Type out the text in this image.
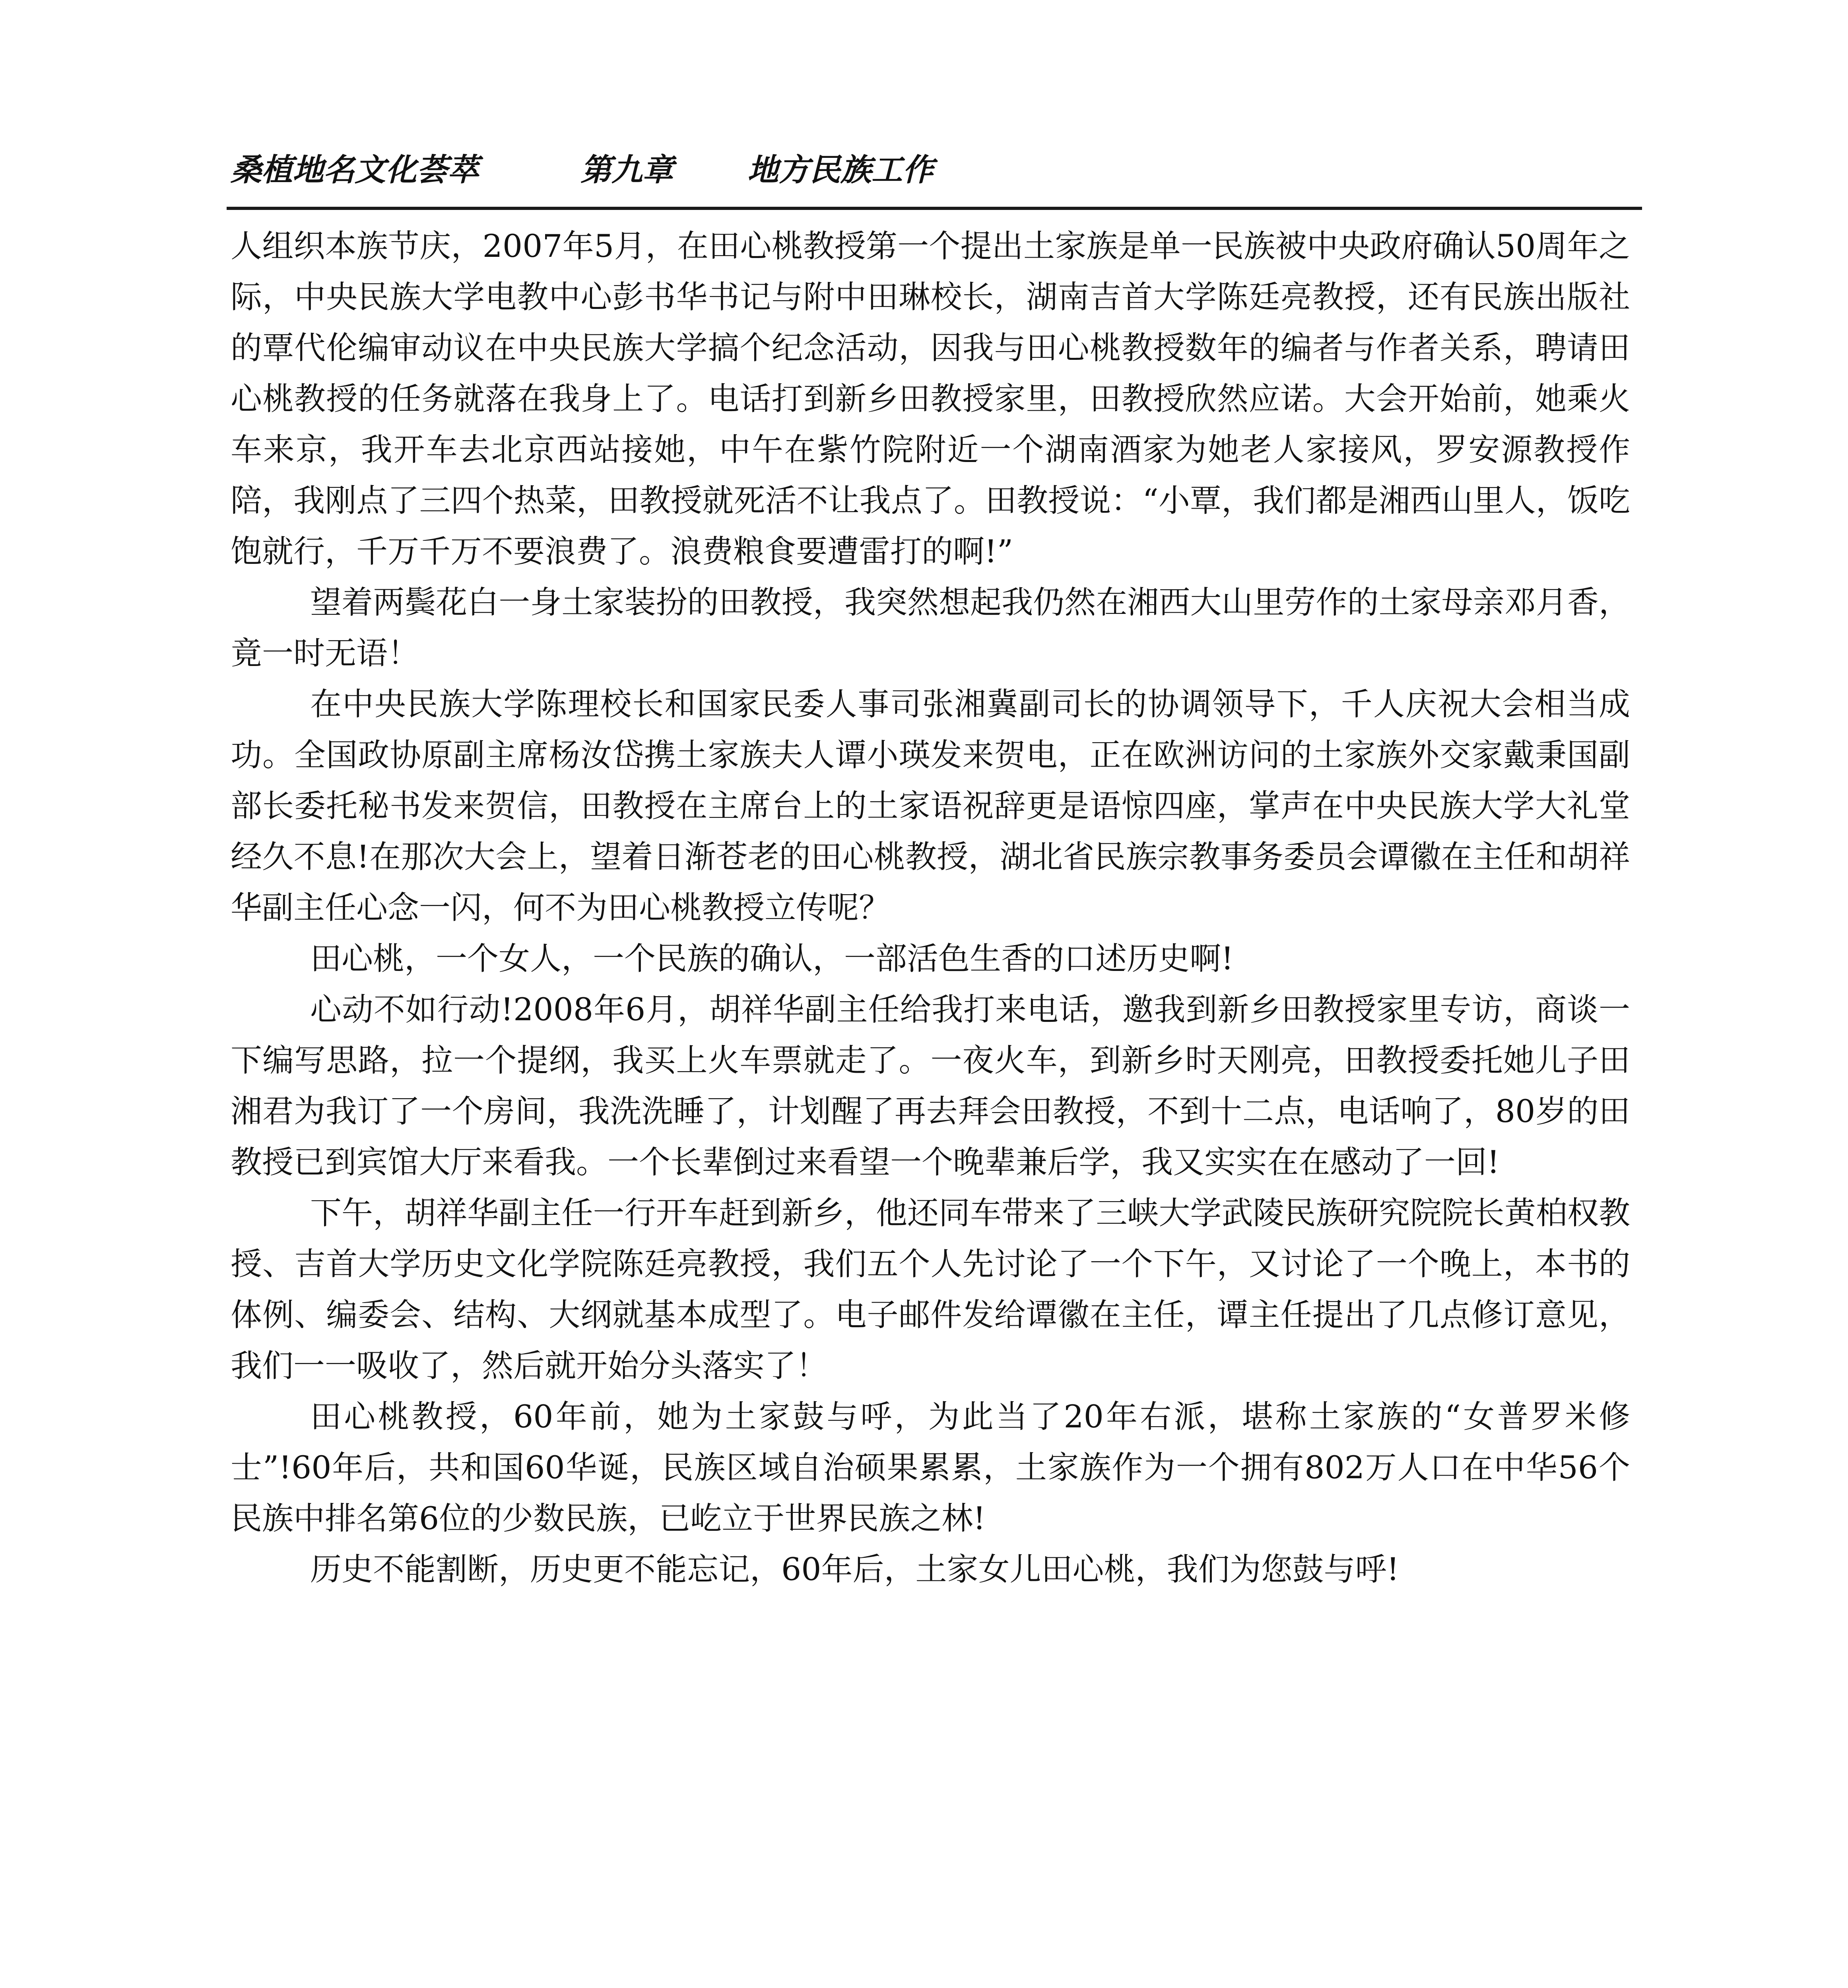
桑植地名文化荟萃	第九章 地方民族工作

人组织本族节庆，2007年5月，在田心桃教授第一个提出土家族是单一民族被中央政府确认50周年之际，中央民族大学电教中心彭书华书记与附中田琳校长，湖南吉首大学陈廷亮教授，还有民族出版社的覃代伦编审动议在中央民族大学搞个纪念活动，因我与田心桃教授数年的编者与作者关系，聘请田心桃教授的任务就落在我身上了。电话打到新乡田教授家里，田教授欣然应诺。大会开始前，她乘火车来京，我开车去北京西站接她，中午在紫竹院附近一个湖南酒家为她老人家接风，罗安源教授作陪，我刚点了三四个热菜，田教授就死活不让我点了。田教授说：“小覃，我们都是湘西山里人，饭吃饱就行，千万千万不要浪费了。浪费粮食要遭雷打的啊!”

望着两鬓花白一身土家装扮的田教授，我突然想起我仍然在湘西大山里劳作的土家母亲邓月香，竟一时无语！

在中央民族大学陈理校长和国家民委人事司张湘冀副司长的协调领导下，千人庆祝大会相当成功。全国政协原副主席杨汝岱携土家族夫人谭小瑛发来贺电，正在欧洲访问的土家族外交家戴秉国副部长委托秘书发来贺信，田教授在主席台上的土家语祝辞更是语惊四座，掌声在中央民族大学大礼堂经久不息!在那次大会上，望着日渐苍老的田心桃教授，湖北省民族宗教事务委员会谭徽在主任和胡祥华副主任心念一闪，何不为田心桃教授立传呢？

田心桃，一个女人，一个民族的确认，一部活色生香的口述历史啊!

心动不如行动!2008年6月，胡祥华副主任给我打来电话，邀我到新乡田教授家里专访，商谈一下编写思路，拉一个提纲，我买上火车票就走了。一夜火车，到新乡时天刚亮，田教授委托她儿子田湘君为我订了一个房间，我洗洗睡了，计划醒了再去拜会田教授，不到十二点，电话响了，80岁的田教授已到宾馆大厅来看我。一个长辈倒过来看望一个晚辈兼后学，我又实实在在感动了一回!

下午，胡祥华副主任一行开车赶到新乡，他还同车带来了三峡大学武陵民族研究院院长黄柏权教授、吉首大学历史文化学院陈廷亮教授，我们五个人先讨论了一个下午，又讨论了一个晚上，本书的体例、编委会、结构、大纲就基本成型了。电子邮件发给谭徽在主任，谭主任提出了几点修订意见，我们一一吸收了，然后就开始分头落实了！

田心桃教授，60年前，她为土家鼓与呼，为此当了20年右派，堪称土家族的“女普罗米修士”!60年后，共和国60华诞，民族区域自治硕果累累，土家族作为一个拥有802万人口在中华56个民族中排名第6位的少数民族，已屹立于世界民族之林!

历史不能割断，历史更不能忘记，60年后，土家女儿田心桃，我们为您鼓与呼!
